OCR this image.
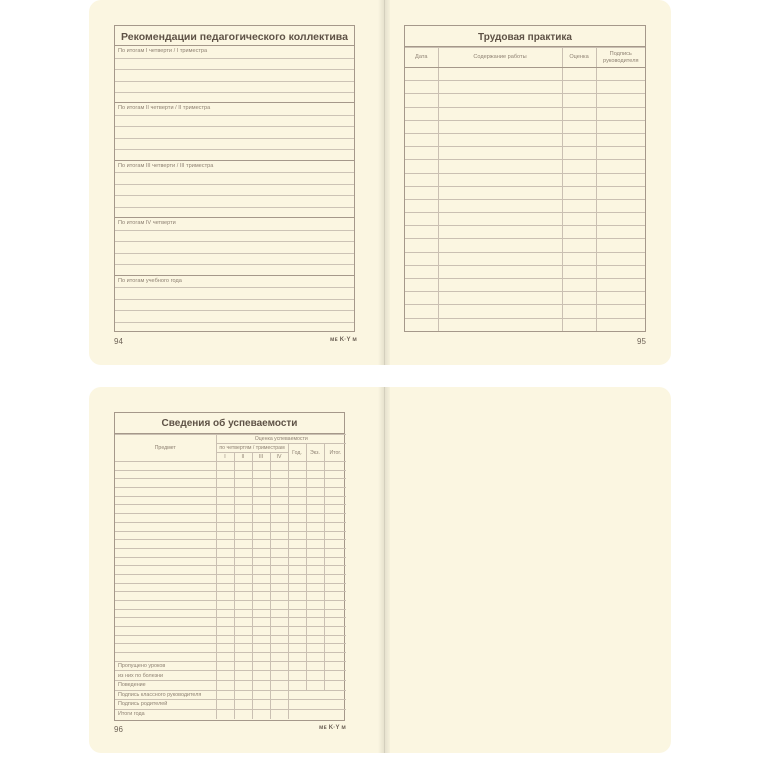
Рекомендации педагогического коллектива
По итогам I четверти / I триместра
По итогам II четверти / II триместра
По итогам III четверти / III триместра
По итогам IV четверти
По итогам учебного года
94	ᴍᴇ K·Y ᴍ
Трудовая практика
Дата	Содержание работы	Оценка	Подпись руководителя

95
Сведения об успеваемости
Предмет	Оценка успеваемости						
	по четвертям / триместрам				Год.	Экз.	Итог.
	I	II	III	IV			

Пропущено уроков							
из них по болезни							
Поведение							
Подпись классного руководителя							
Подпись родителей							
Итоги года							
96	ᴍᴇ K·Y ᴍ
